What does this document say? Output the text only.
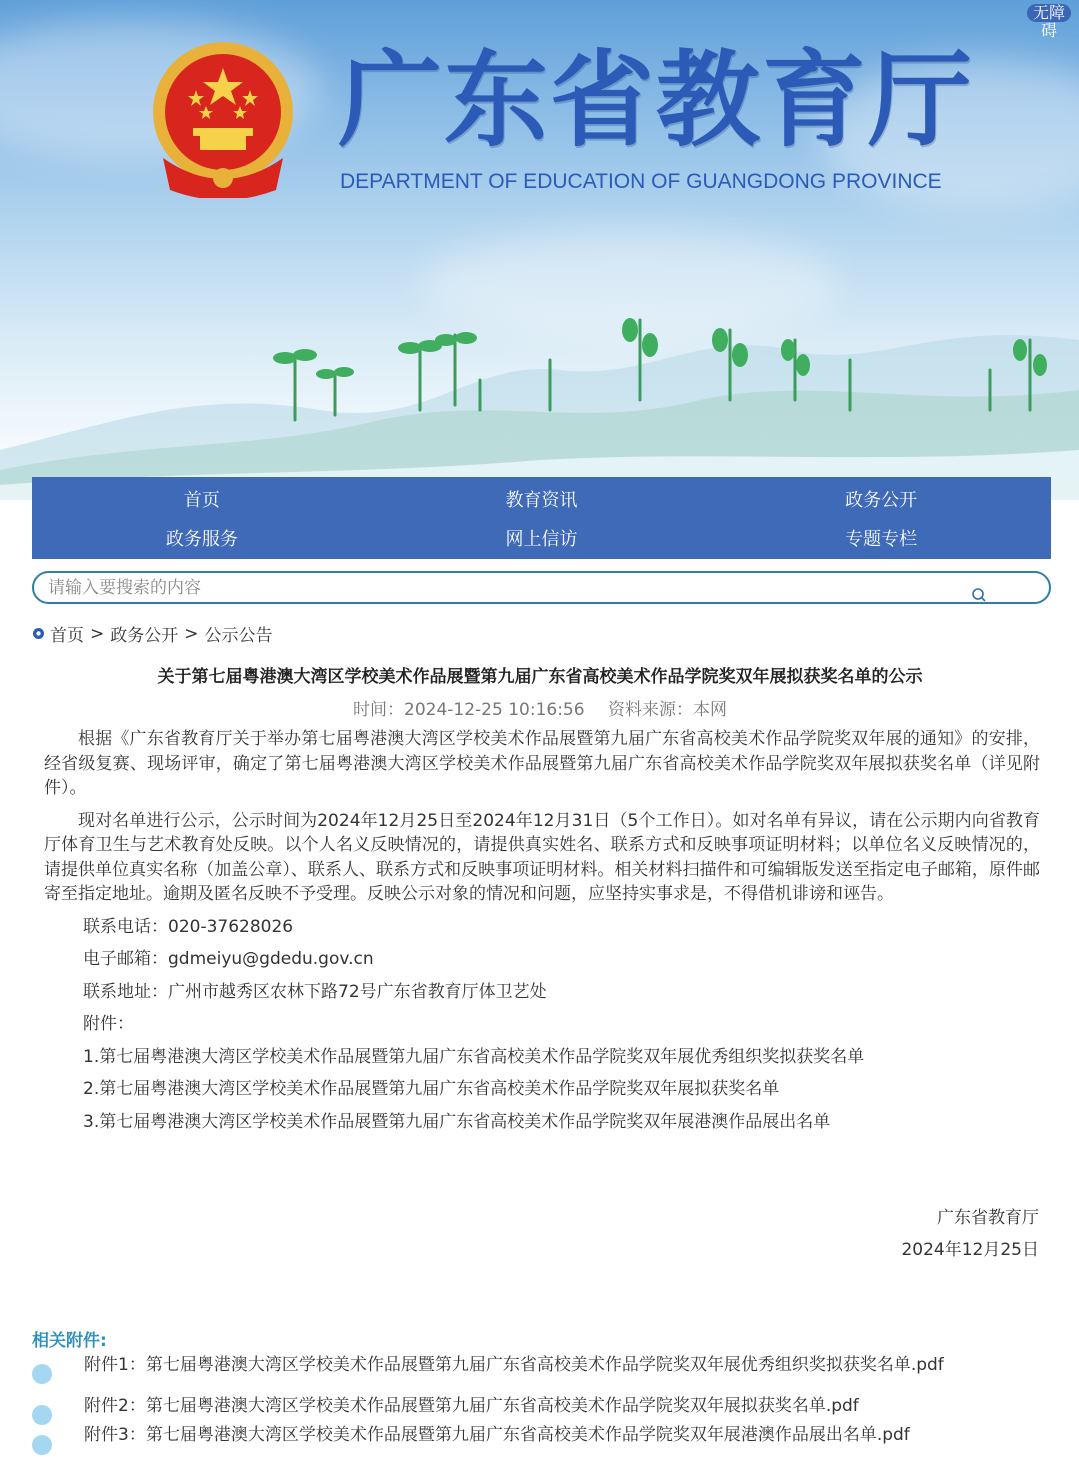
无障
碍
广东省教育厅
DEPARTMENT OF EDUCATION OF GUANGDONG PROVINCE
首页	教育资讯	政务公开
政务服务	网上信访	专题专栏
请输入要搜索的内容
首页 > 政务公开 > 公示公告
关于第七届粤港澳大湾区学校美术作品展暨第九届广东省高校美术作品学院奖双年展拟获奖名单的公示
时间：2024-12-25 10:16:56 资料来源：本网

根据《广东省教育厅关于举办第七届粤港澳大湾区学校美术作品展暨第九届广东省高校美术作品学院奖双年展的通知》的安排，经省级复赛、现场评审，确定了第七届粤港澳大湾区学校美术作品展暨第九届广东省高校美术作品学院奖双年展拟获奖名单（详见附件）。

现对名单进行公示，公示时间为2024年12月25日至2024年12月31日（5个工作日）。如对名单有异议，请在公示期内向省教育厅体育卫生与艺术教育处反映。以个人名义反映情况的，请提供真实姓名、联系方式和反映事项证明材料；以单位名义反映情况的，请提供单位真实名称（加盖公章）、联系人、联系方式和反映事项证明材料。相关材料扫描件和可编辑版发送至指定电子邮箱，原件邮寄至指定地址。逾期及匿名反映不予受理。反映公示对象的情况和问题，应坚持实事求是，不得借机诽谤和诬告。

联系电话：020-37628026

电子邮箱：gdmeiyu@gdedu.gov.cn

联系地址：广州市越秀区农林下路72号广东省教育厅体卫艺处

附件：

1.第七届粤港澳大湾区学校美术作品展暨第九届广东省高校美术作品学院奖双年展优秀组织奖拟获奖名单

2.第七届粤港澳大湾区学校美术作品展暨第九届广东省高校美术作品学院奖双年展拟获奖名单

3.第七届粤港澳大湾区学校美术作品展暨第九届广东省高校美术作品学院奖双年展港澳作品展出名单

广东省教育厅
2024年12月25日
相关附件:
附件1：第七届粤港澳大湾区学校美术作品展暨第九届广东省高校美术作品学院奖双年展优秀组织奖拟获奖名单.pdf
附件2：第七届粤港澳大湾区学校美术作品展暨第九届广东省高校美术作品学院奖双年展拟获奖名单.pdf
附件3：第七届粤港澳大湾区学校美术作品展暨第九届广东省高校美术作品学院奖双年展港澳作品展出名单.pdf
